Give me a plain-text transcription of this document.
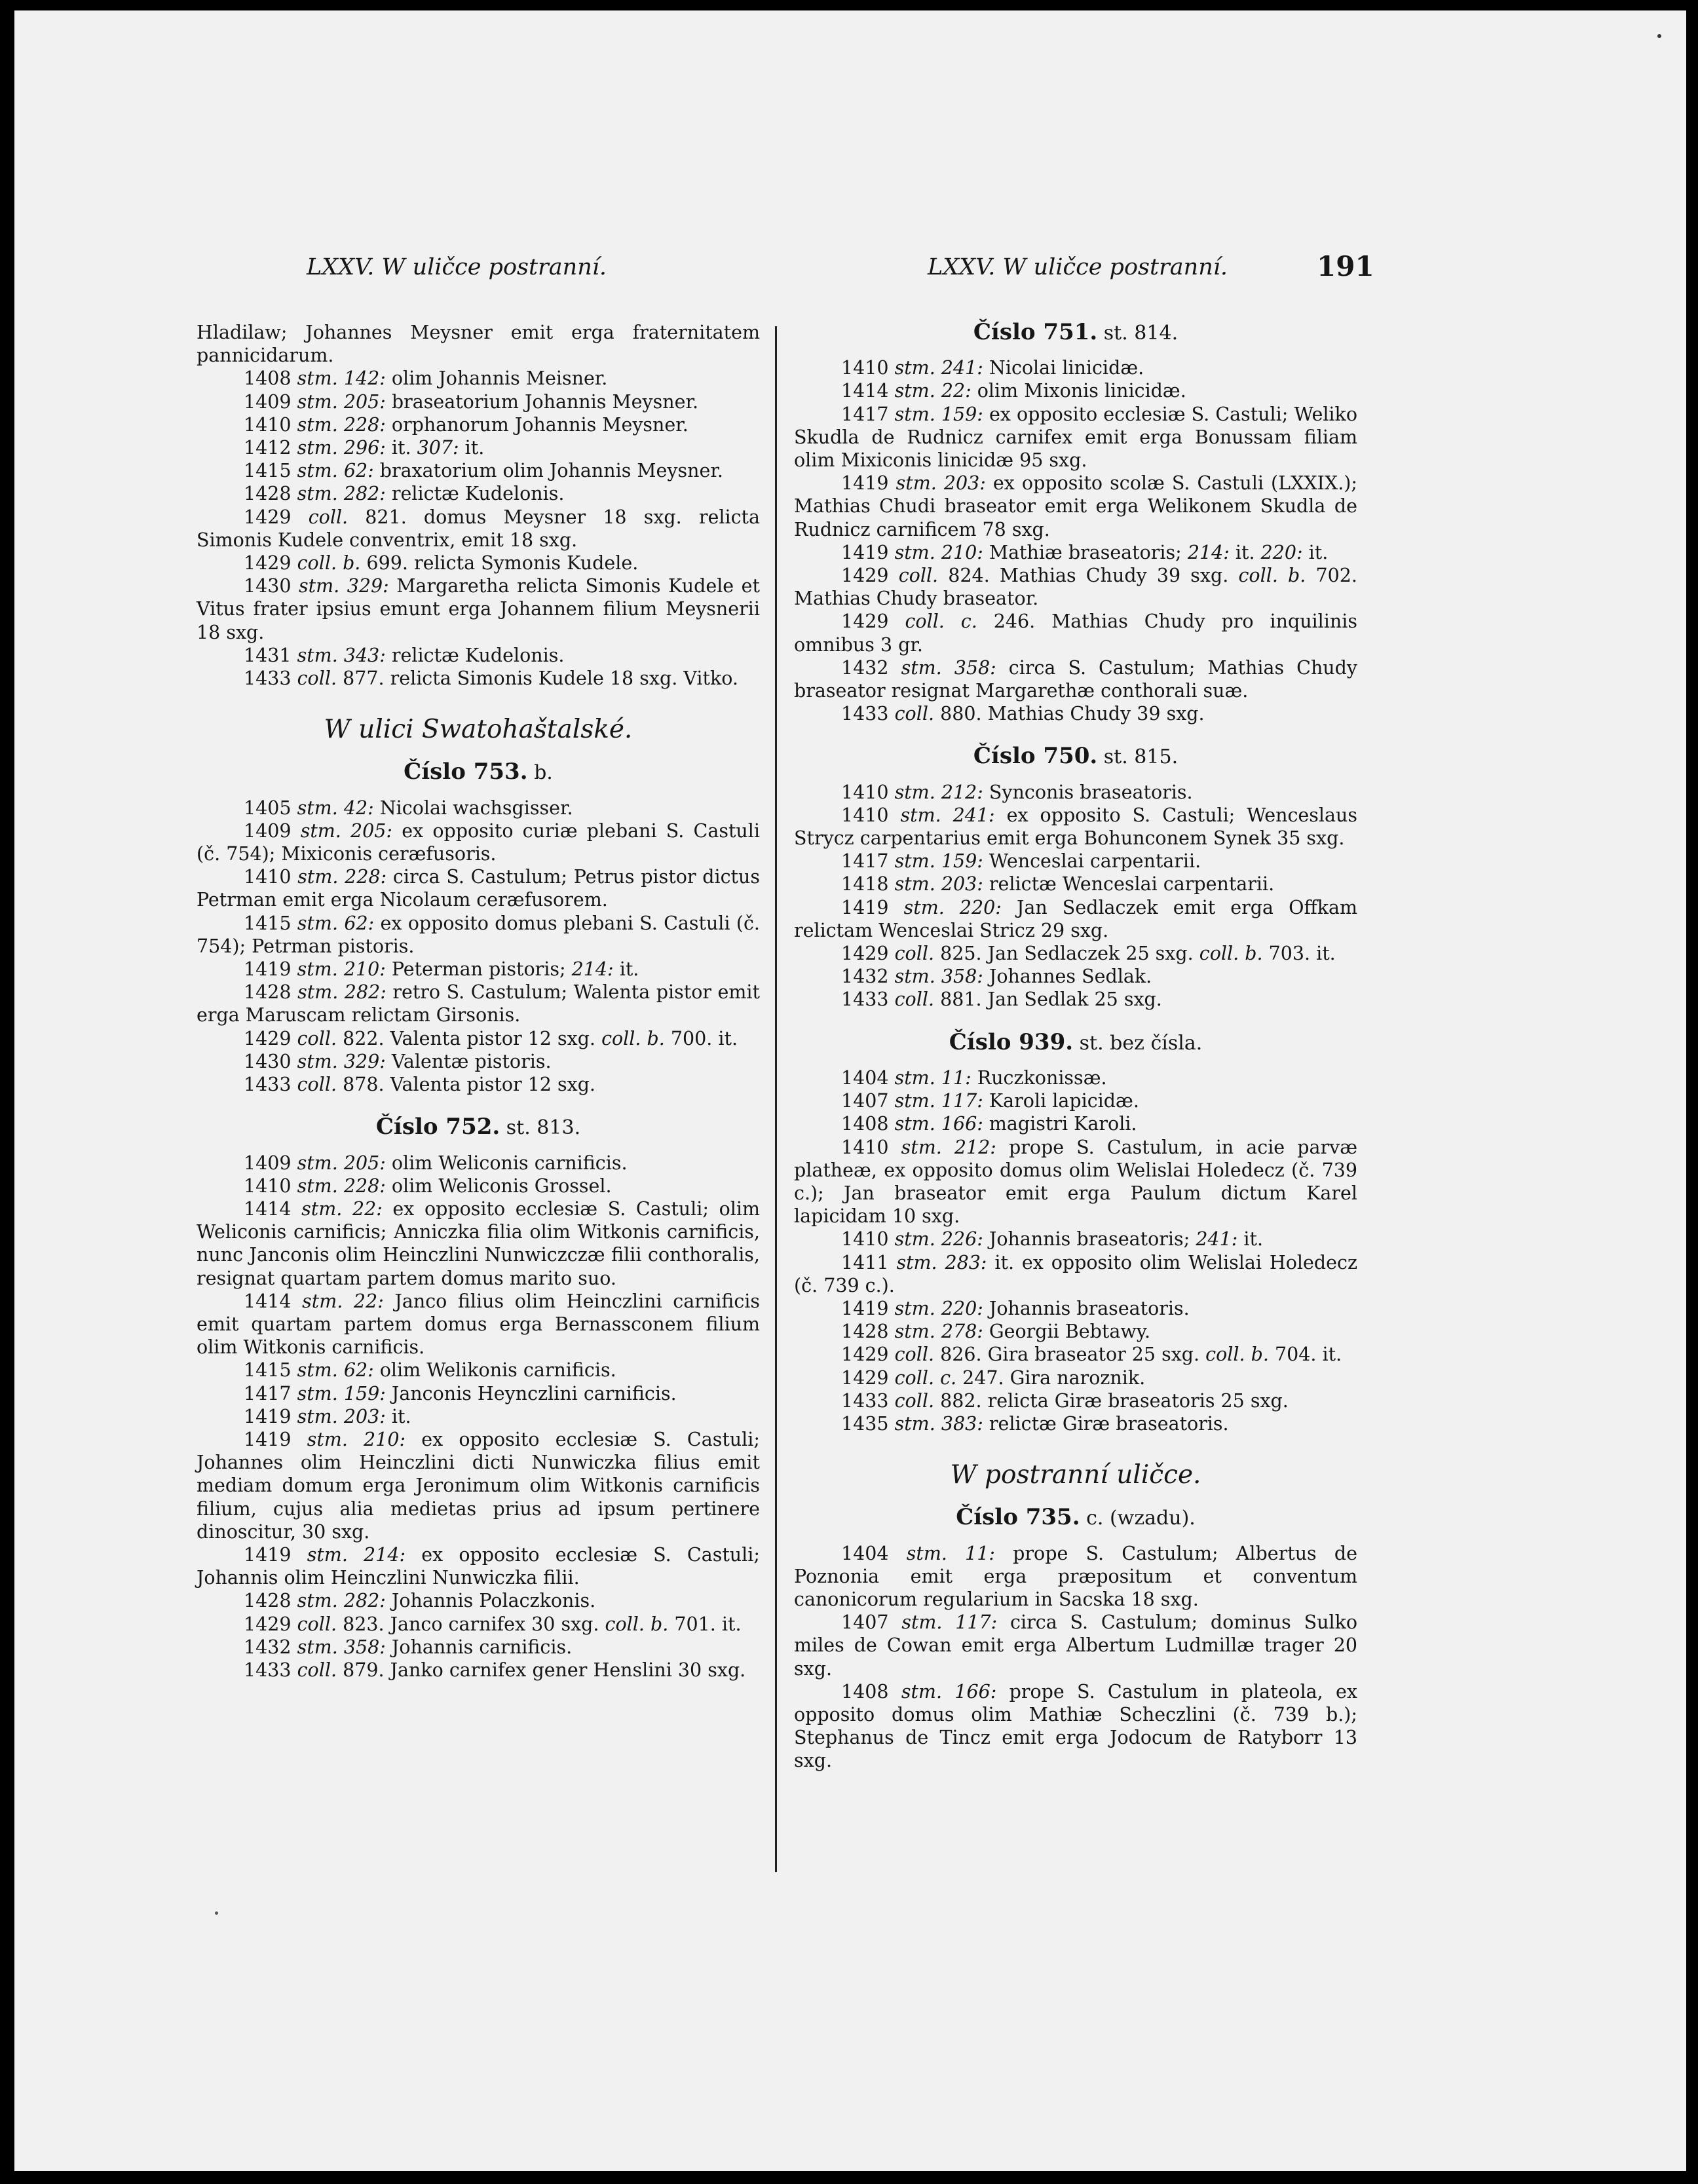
LXXV. W uličce postranní.	LXXV. W uličce postranní.	191

Hladilaw; Johannes Meysner emit erga fraternitatem pannicidarum.

1408 stm. 142: olim Johannis Meisner.

1409 stm. 205: braseatorium Johannis Meysner.

1410 stm. 228: orphanorum Johannis Meysner.

1412 stm. 296: it. 307: it.

1415 stm. 62: braxatorium olim Johannis Meysner.

1428 stm. 282: relictæ Kudelonis.

1429 coll. 821. domus Meysner 18 sxg. relicta Simonis Kudele conventrix, emit 18 sxg.

1429 coll. b. 699. relicta Symonis Kudele.

1430 stm. 329: Margaretha relicta Simonis Kudele et Vitus frater ipsius emunt erga Johannem filium Meysnerii 18 sxg.

1431 stm. 343: relictæ Kudelonis.

1433 coll. 877. relicta Simonis Kudele 18 sxg. Vitko.

W ulici Swatohaštalské.
Číslo 753. b.

1405 stm. 42: Nicolai wachsgisser.

1409 stm. 205: ex opposito curiæ plebani S. Castuli (č. 754); Mixiconis ceræfusoris.

1410 stm. 228: circa S. Castulum; Petrus pistor dictus Petrman emit erga Nicolaum ceræfusorem.

1415 stm. 62: ex opposito domus plebani S. Castuli (č. 754); Petrman pistoris.

1419 stm. 210: Peterman pistoris; 214: it.

1428 stm. 282: retro S. Castulum; Walenta pistor emit erga Maruscam relictam Girsonis.

1429 coll. 822. Valenta pistor 12 sxg. coll. b. 700. it.

1430 stm. 329: Valentæ pistoris.

1433 coll. 878. Valenta pistor 12 sxg.

Číslo 752. st. 813.

1409 stm. 205: olim Weliconis carnificis.

1410 stm. 228: olim Weliconis Grossel.

1414 stm. 22: ex opposito ecclesiæ S. Castuli; olim Weliconis carnificis; Anniczka filia olim Witkonis carnificis, nunc Janconis olim Heinczlini Nunwiczczæ filii conthoralis, resignat quartam partem domus marito suo.

1414 stm. 22: Janco filius olim Heinczlini carnificis emit quartam partem domus erga Bernassconem filium olim Witkonis carnificis.

1415 stm. 62: olim Welikonis carnificis.

1417 stm. 159: Janconis Heynczlini carnificis.

1419 stm. 203: it.

1419 stm. 210: ex opposito ecclesiæ S. Castuli; Johannes olim Heinczlini dicti Nunwiczka filius emit mediam domum erga Jeronimum olim Witkonis carnificis filium, cujus alia medietas prius ad ipsum pertinere dinoscitur, 30 sxg.

1419 stm. 214: ex opposito ecclesiæ S. Castuli; Johannis olim Heinczlini Nunwiczka filii.

1428 stm. 282: Johannis Polaczkonis.

1429 coll. 823. Janco carnifex 30 sxg. coll. b. 701. it.

1432 stm. 358: Johannis carnificis.

1433 coll. 879. Janko carnifex gener Henslini 30 sxg.

Číslo 751. st. 814.

1410 stm. 241: Nicolai linicidæ.

1414 stm. 22: olim Mixonis linicidæ.

1417 stm. 159: ex opposito ecclesiæ S. Castuli; Weliko Skudla de Rudnicz carnifex emit erga Bonussam filiam olim Mixiconis linicidæ 95 sxg.

1419 stm. 203: ex opposito scolæ S. Castuli (LXXIX.); Mathias Chudi braseator emit erga Welikonem Skudla de Rudnicz carnificem 78 sxg.

1419 stm. 210: Mathiæ braseatoris; 214: it. 220: it.

1429 coll. 824. Mathias Chudy 39 sxg. coll. b. 702. Mathias Chudy braseator.

1429 coll. c. 246. Mathias Chudy pro inquilinis omnibus 3 gr.

1432 stm. 358: circa S. Castulum; Mathias Chudy braseator resignat Margarethæ conthorali suæ.

1433 coll. 880. Mathias Chudy 39 sxg.

Číslo 750. st. 815.

1410 stm. 212: Synconis braseatoris.

1410 stm. 241: ex opposito S. Castuli; Wenceslaus Strycz carpentarius emit erga Bohunconem Synek 35 sxg.

1417 stm. 159: Wenceslai carpentarii.

1418 stm. 203: relictæ Wenceslai carpentarii.

1419 stm. 220: Jan Sedlaczek emit erga Offkam relictam Wenceslai Stricz 29 sxg.

1429 coll. 825. Jan Sedlaczek 25 sxg. coll. b. 703. it.

1432 stm. 358: Johannes Sedlak.

1433 coll. 881. Jan Sedlak 25 sxg.

Číslo 939. st. bez čísla.

1404 stm. 11: Ruczkonissæ.

1407 stm. 117: Karoli lapicidæ.

1408 stm. 166: magistri Karoli.

1410 stm. 212: prope S. Castulum, in acie parvæ platheæ, ex opposito domus olim Welislai Holedecz (č. 739 c.); Jan braseator emit erga Paulum dictum Karel lapicidam 10 sxg.

1410 stm. 226: Johannis braseatoris; 241: it.

1411 stm. 283: it. ex opposito olim Welislai Holedecz (č. 739 c.).

1419 stm. 220: Johannis braseatoris.

1428 stm. 278: Georgii Bebtawy.

1429 coll. 826. Gira braseator 25 sxg. coll. b. 704. it.

1429 coll. c. 247. Gira naroznik.

1433 coll. 882. relicta Giræ braseatoris 25 sxg.

1435 stm. 383: relictæ Giræ braseatoris.

W postranní uličce.
Číslo 735. c. (wzadu).

1404 stm. 11: prope S. Castulum; Albertus de Poznonia emit erga præpositum et conventum canonicorum regularium in Sacska 18 sxg.

1407 stm. 117: circa S. Castulum; dominus Sulko miles de Cowan emit erga Albertum Ludmillæ trager 20 sxg.

1408 stm. 166: prope S. Castulum in plateola, ex opposito domus olim Mathiæ Scheczlini (č. 739 b.); Stephanus de Tincz emit erga Jodocum de Ratyborr 13 sxg.
